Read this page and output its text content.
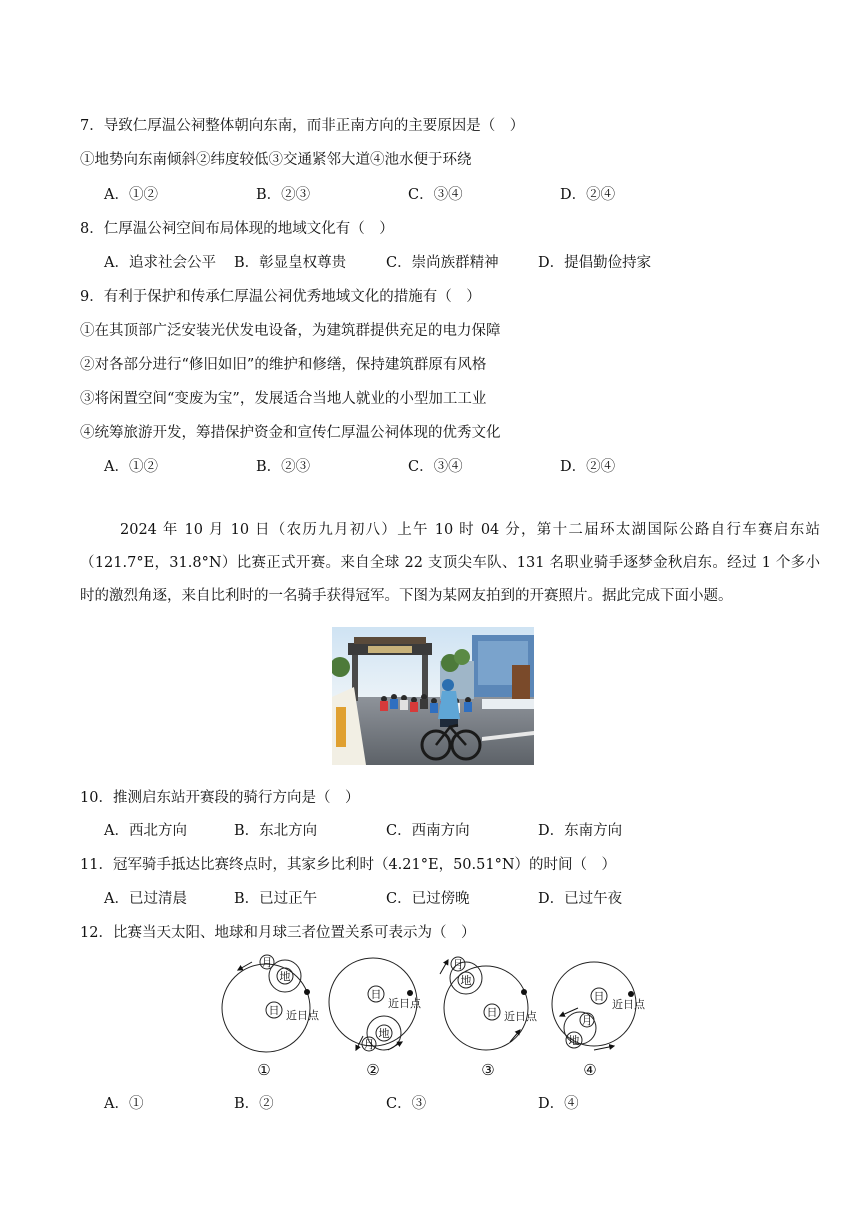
7．导致仁厚温公祠整体朝向东南，而非正南方向的主要原因是（　）
①地势向东南倾斜②纬度较低③交通紧邻大道④池水便于环绕
A．①②	B．②③	C．③④	D．②④
8．仁厚温公祠空间布局体现的地域文化有（　）
A．追求社会公平	B．彰显皇权尊贵	C．崇尚族群精神	D．提倡勤俭持家
9．有利于保护和传承仁厚温公祠优秀地域文化的措施有（　）
①在其顶部广泛安装光伏发电设备，为建筑群提供充足的电力保障
②对各部分进行“修旧如旧”的维护和修缮，保持建筑群原有风格
③将闲置空间“变废为宝”，发展适合当地人就业的小型加工工业
④统筹旅游开发，筹措保护资金和宣传仁厚温公祠体现的优秀文化
A．①②	B．②③	C．③④	D．②④
2024 年 10 月 10 日（农历九月初八）上午 10 时 04 分，第十二届环太湖国际公路自行车赛启东站（121.7°E，31.8°N）比赛正式开赛。来自全球 22 支顶尖车队、131 名职业骑手逐梦金秋启东。经过 1 个多小时的激烈角逐，来自比利时的一名骑手获得冠军。下图为某网友拍到的开赛照片。据此完成下面小题。
10．推测启东站开赛段的骑行方向是（　）
A．西北方向	B．东北方向	C．西南方向	D．东南方向
11．冠军骑手抵达比赛终点时，其家乡比利时（4.21°E，50.51°N）的时间（　）
A．已过清晨	B．已过正午	C．已过傍晚	D．已过午夜
12．比赛当天太阳、地球和月球三者位置关系可表示为（　）
日 近日点
地
月
①
日
近日点
地
月
②
日 近日点
地
月
③
日
近日点
地
月
④
A．①	B．②	C．③	D．④
